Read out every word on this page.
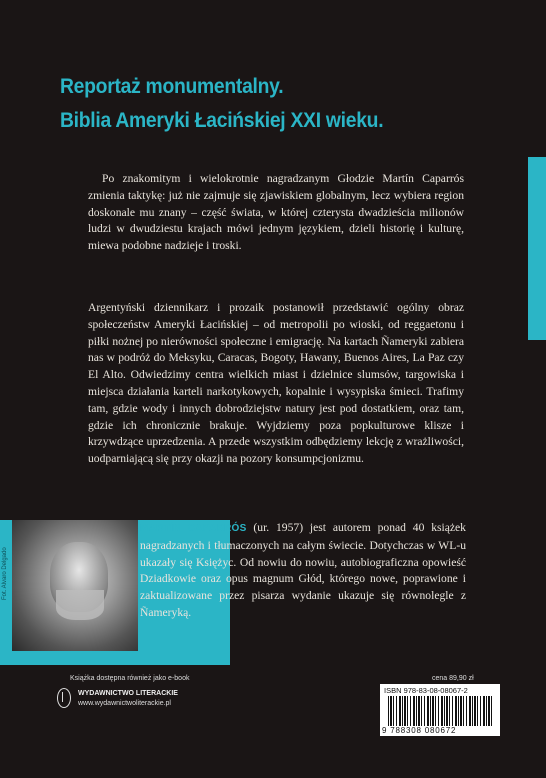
Reportaż monumentalny.
Biblia Ameryki Łacińskiej XXI wieku.

Po znakomitym i wielokrotnie nagradzanym Głodzie Martín Caparrós zmienia taktykę: już nie zajmuje się zjawiskiem globalnym, lecz wybiera region doskonale mu znany – część świata, w której czterysta dwadzieścia milionów ludzi w dwudziestu krajach mówi jednym językiem, dzieli historię i kulturę, miewa podobne nadzieje i troski.

Argentyński dziennikarz i prozaik postanowił przedstawić ogólny obraz społeczeństw Ameryki Łacińskiej – od metropolii po wioski, od reggaetonu i piłki nożnej po nierówności społeczne i emigrację. Na kartach Ñameryki zabiera nas w podróż do Meksyku, Caracas, Bogoty, Hawany, Buenos Aires, La Paz czy El Alto. Odwiedzimy centra wielkich miast i dzielnice slumsów, targowiska i miejsca działania karteli narkotykowych, kopalnie i wysypiska śmieci. Trafimy tam, gdzie wody i innych dobrodziejstw natury jest pod dostatkiem, oraz tam, gdzie ich chronicznie brakuje. Wyjdziemy poza popkulturowe klisze i krzywdzące uprzedzenia. A przede wszystkim odbędziemy lekcję z wrażliwości, uodparniającą się przy okazji na pozory konsumpcjonizmu.

Fot. Alvaro Delgado

MARTÍN CAPARRÓS (ur. 1957) jest autorem ponad 40 książek nagradzanych i tłumaczonych na całym świecie. Dotychczas w WL-u ukazały się Księżyc. Od nowiu do nowiu, autobiograficzna opowieść Dziadkowie oraz opus magnum Głód, którego nowe, poprawione i zaktualizowane przez pisarza wydanie ukazuje się równolegle z Ñameryką.

Książka dostępna również jako e-book
WYDAWNICTWO LITERACKIE
www.wydawnictwoliterackie.pl
cena 89,90 zł
ISBN 978-83-08-08067-2
9 788308 080672
